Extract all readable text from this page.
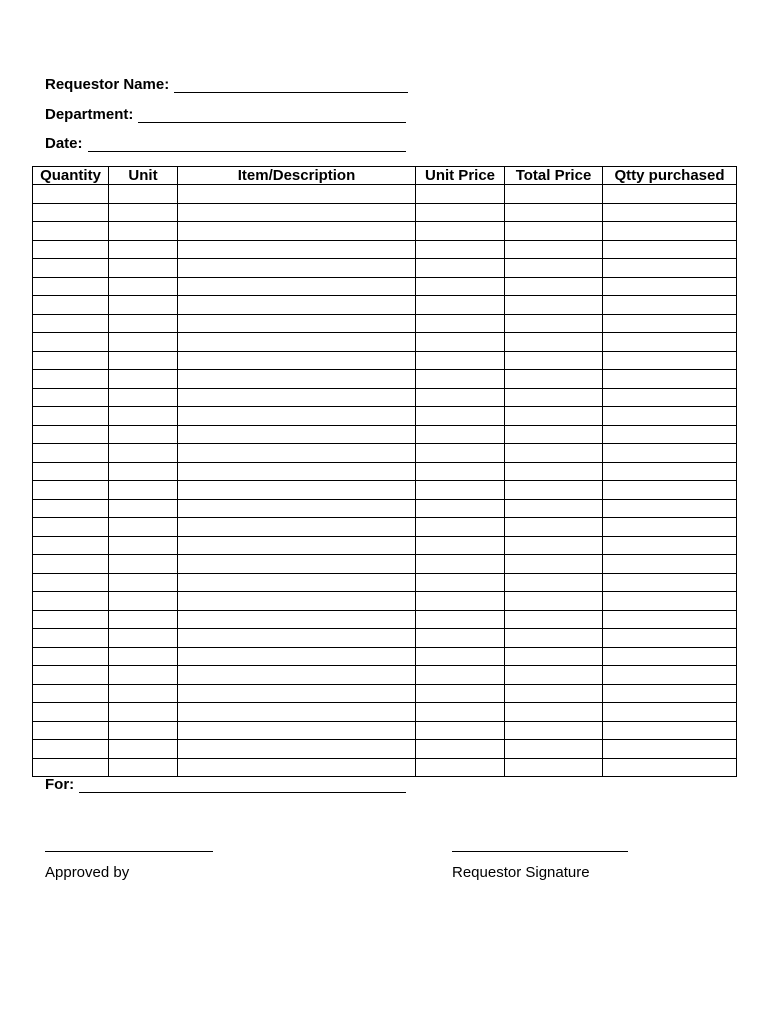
Requestor Name:
Department:
Date:
Quantity	Unit	Item/Description	Unit Price	Total Price	Qtty purchased

For:
Approved by	Requestor Signature
